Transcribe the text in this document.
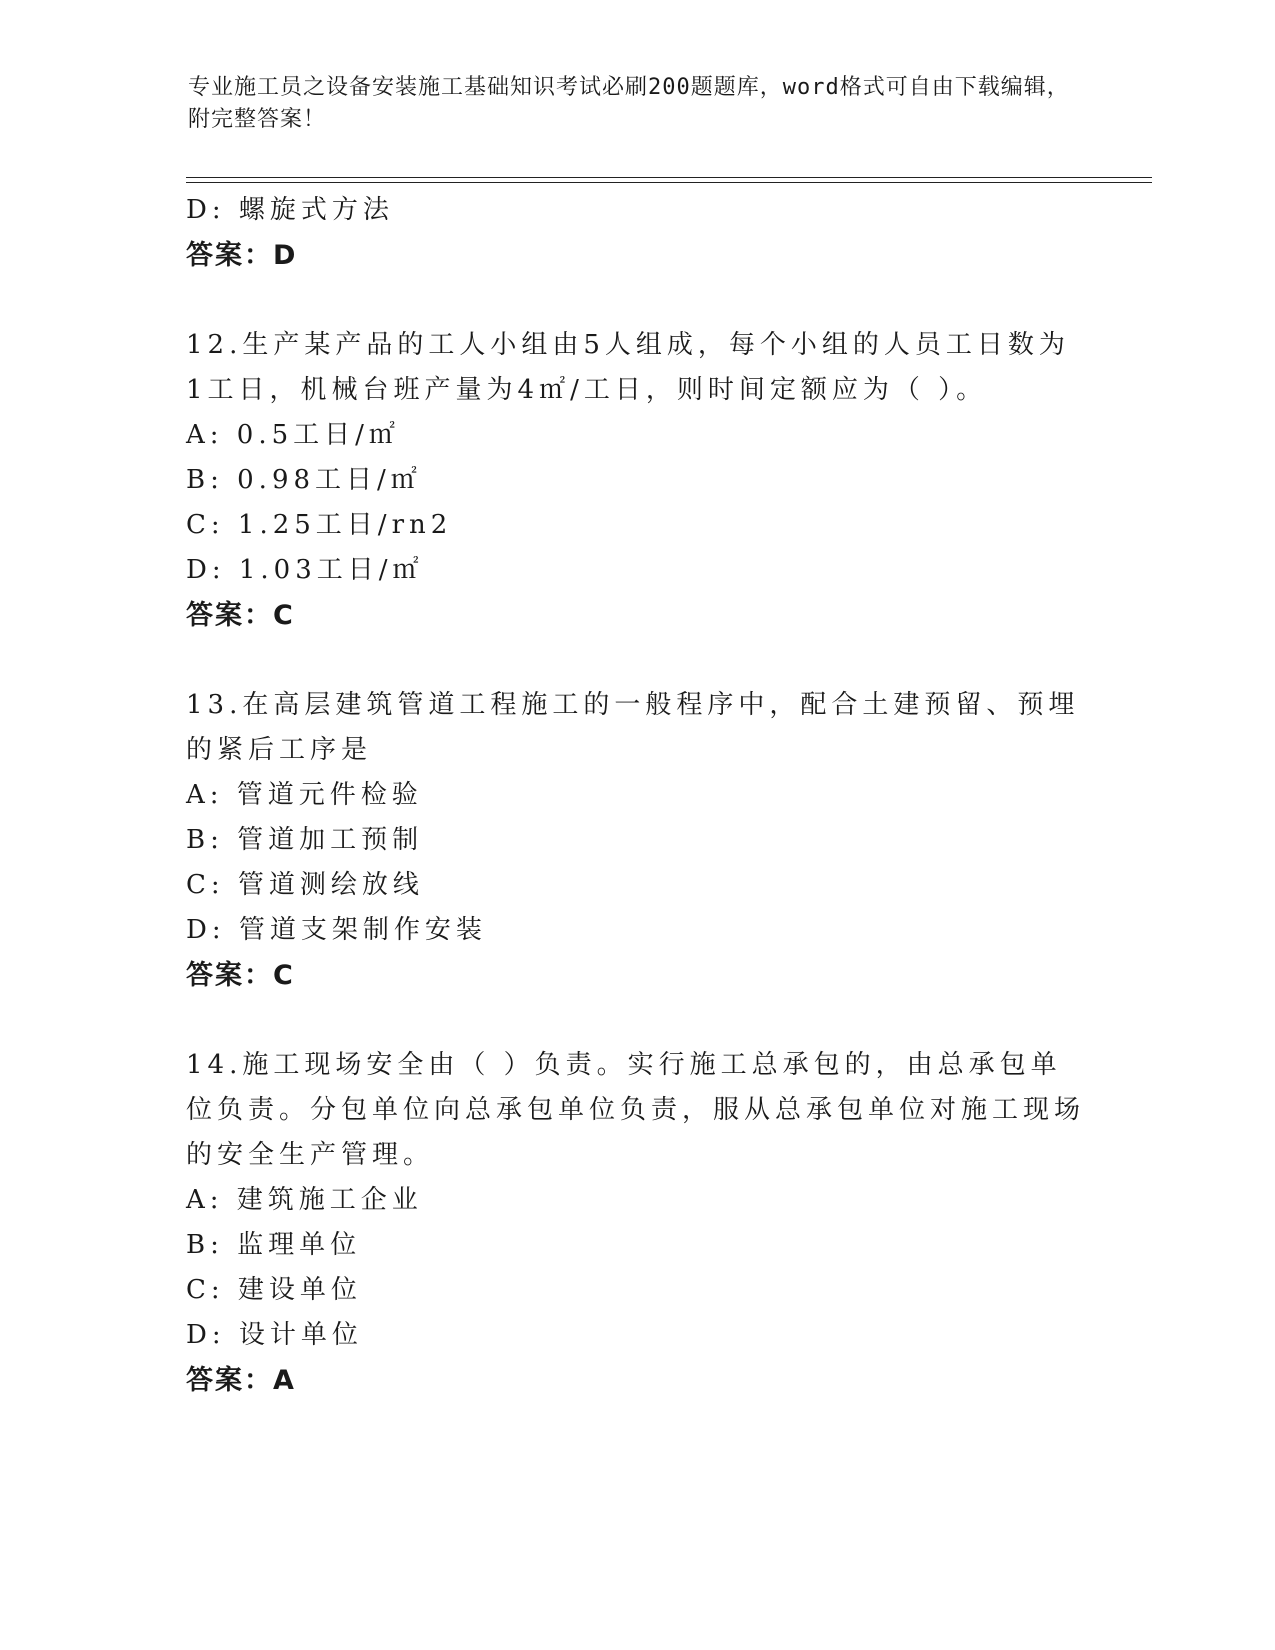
专业施工员之设备安装施工基础知识考试必刷200题题库，word格式可自由下载编辑，附完整答案！
D: 螺旋式方法
答案：D
12.生产某产品的工人小组由5人组成，每个小组的人员工日数为1工日，机械台班产量为4㎡/工日，则时间定额应为（ ）。
A: 0.5工日/㎡
B: 0.98工日/㎡
C: 1.25工日/rn2
D: 1.03工日/㎡
答案：C
13.在高层建筑管道工程施工的一般程序中，配合土建预留、预埋的紧后工序是
A: 管道元件检验
B: 管道加工预制
C: 管道测绘放线
D: 管道支架制作安装
答案：C
14.施工现场安全由（ ）负责。实行施工总承包的，由总承包单位负责。分包单位向总承包单位负责，服从总承包单位对施工现场的安全生产管理。
A: 建筑施工企业
B: 监理单位
C: 建设单位
D: 设计单位
答案：A
